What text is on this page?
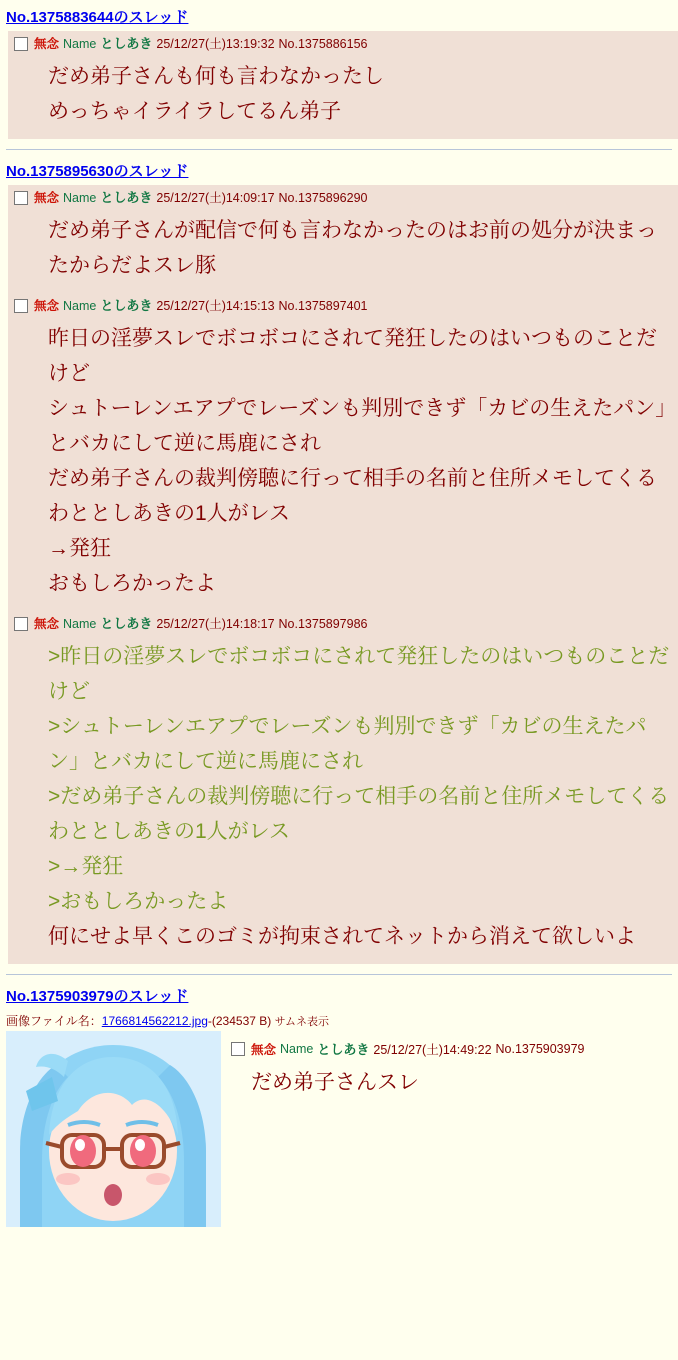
No.1375883644のスレッド
無念 Name としあき 25/12/27(土)13:19:32 No.1375886156
だめ弟子さんも何も言わなかったし
めっちゃイライラしてるん弟子
No.1375895630のスレッド
無念 Name としあき 25/12/27(土)14:09:17 No.1375896290
だめ弟子さんが配信で何も言わなかったのはお前の処分が決まったからだよスレ豚
無念 Name としあき 25/12/27(土)14:15:13 No.1375897401
昨日の淫夢スレでボコボコにされて発狂したのはいつものことだけど
シュトーレンエアプでレーズンも判別できず「カビの生えたパン」とバカにして逆に馬鹿にされ
だめ弟子さんの裁判傍聴に行って相手の名前と住所メモしてくるわととしあきの1人がレス
→発狂
おもしろかったよ
無念 Name としあき 25/12/27(土)14:18:17 No.1375897986
>昨日の淫夢スレでボコボコにされて発狂したのはいつものことだけど
>シュトーレンエアプでレーズンも判別できず「カビの生えたパン」とバカにして逆に馬鹿にされ
>だめ弟子さんの裁判傍聴に行って相手の名前と住所メモしてくるわととしあきの1人がレス
>→発狂
>おもしろかったよ
何にせよ早くこのゴミが拘束されてネットから消えて欲しいよ
No.1375903979のスレッド
画像ファイル名：1766814562212.jpg-(234537 B) サムネ表示
無念 Name としあき 25/12/27(土)14:49:22 No.1375903979
だめ弟子さんスレ
